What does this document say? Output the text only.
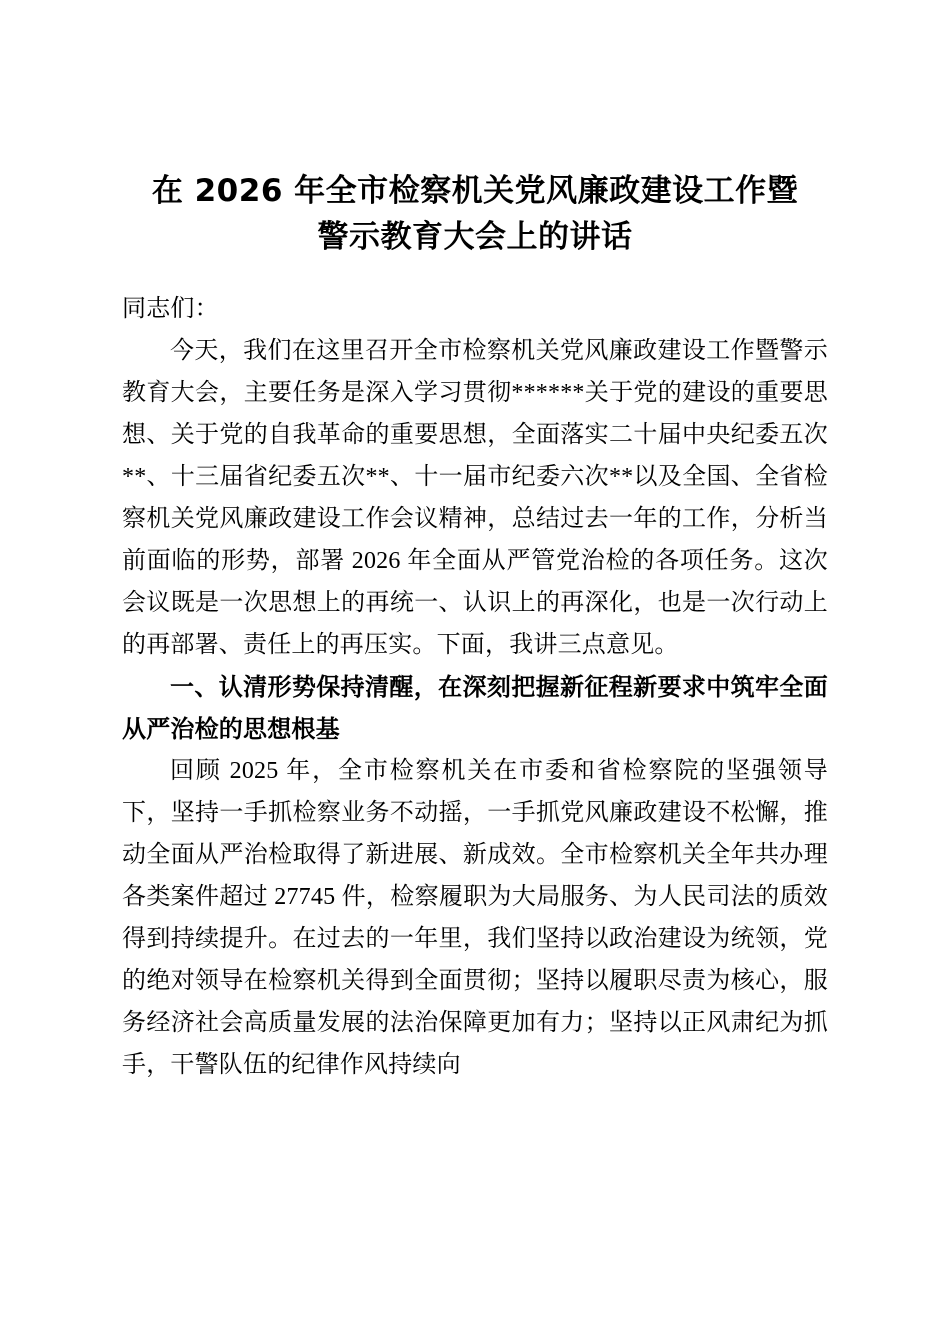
在 2026 年全市检察机关党风廉政建设工作暨
警示教育大会上的讲话

同志们：

今天，我们在这里召开全市检察机关党风廉政建设工作暨警示教育大会，主要任务是深入学习贯彻******关于党的建设的重要思想、关于党的自我革命的重要思想，全面落实二十届中央纪委五次**、十三届省纪委五次**、十一届市纪委六次**以及全国、全省检察机关党风廉政建设工作会议精神，总结过去一年的工作，分析当前面临的形势，部署 2026 年全面从严管党治检的各项任务。这次会议既是一次思想上的再统一、认识上的再深化，也是一次行动上的再部署、责任上的再压实。下面，我讲三点意见。

一、认清形势保持清醒，在深刻把握新征程新要求中筑牢全面从严治检的思想根基

回顾 2025 年，全市检察机关在市委和省检察院的坚强领导下，坚持一手抓检察业务不动摇，一手抓党风廉政建设不松懈，推动全面从严治检取得了新进展、新成效。全市检察机关全年共办理各类案件超过 27745 件，检察履职为大局服务、为人民司法的质效得到持续提升。在过去的一年里，我们坚持以政治建设为统领，党的绝对领导在检察机关得到全面贯彻；坚持以履职尽责为核心，服务经济社会高质量发展的法治保障更加有力；坚持以正风肃纪为抓手，干警队伍的纪律作风持续向
